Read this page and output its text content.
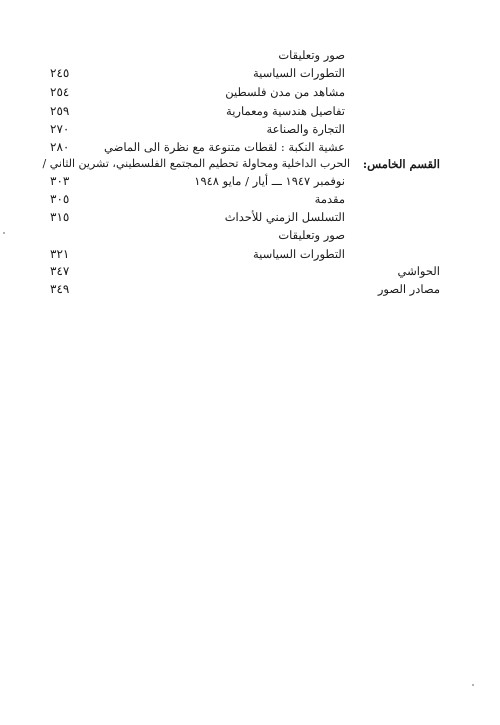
صور وتعليقات
التطورات السياسية
٢٤٥
مشاهد من مدن فلسطين
٢٥٤
تفاصيل هندسية ومعمارية
٢٥٩
التجارة والصناعة
٢٧٠
عشية النكبة : لقطات متنوعة مع نظرة الى الماضي
٢٨٠
القسم الخامس:
الحرب الداخلية ومحاولة تحطيم المجتمع الفلسطيني، تشرين الثاني /
نوفمبر ١٩٤٧ ـــ أيار / مايو ١٩٤٨
٣٠٣
مقدمة
٣٠٥
التسلسل الزمني للأحداث
٣١٥
صور وتعليقات
التطورات السياسية
٣٢١
الحواشي
٣٤٧
مصادر الصور
٣٤٩
